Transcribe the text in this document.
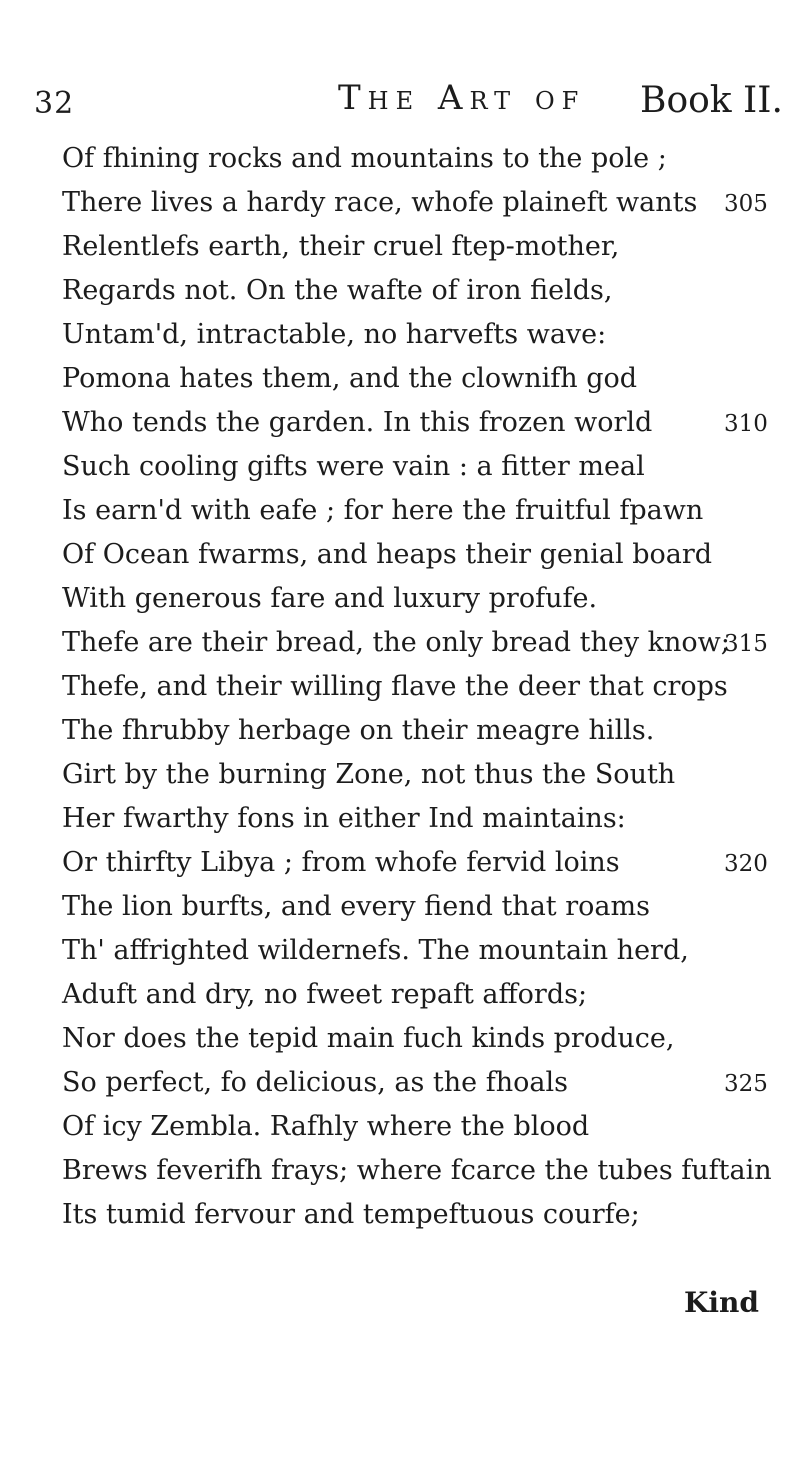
32	The Art of Book II.
Of fhining rocks and mountains to the pole ;
There lives a hardy race, whofe plaineft wants
Relentlefs earth, their cruel ftep-mother,
Regards not. On the wafte of iron fields,
Untam'd, intractable, no harvefts wave:
Pomona hates them, and the clownifh god
Who tends the garden. In this frozen world
Such cooling gifts were vain : a fitter meal
Is earn'd with eafe ; for here the fruitful fpawn
Of Ocean fwarms, and heaps their genial board
With generous fare and luxury profufe.
Thefe are their bread, the only bread they know;
Thefe, and their willing flave the deer that crops
The fhrubby herbage on their meagre hills.
Girt by the burning Zone, not thus the South
Her fwarthy fons in either Ind maintains:
Or thirfty Libya ; from whofe fervid loins
The lion burfts, and every fiend that roams
Th' affrighted wildernefs. The mountain herd,
Aduft and dry, no fweet repaft affords;
Nor does the tepid main fuch kinds produce,
So perfect, fo delicious, as the fhoals
Of icy Zembla. Rafhly where the blood
Brews feverifh frays; where fcarce the tubes fuftain
Its tumid fervour and tempeftuous courfe;
305
310
315
320
325
Kind
